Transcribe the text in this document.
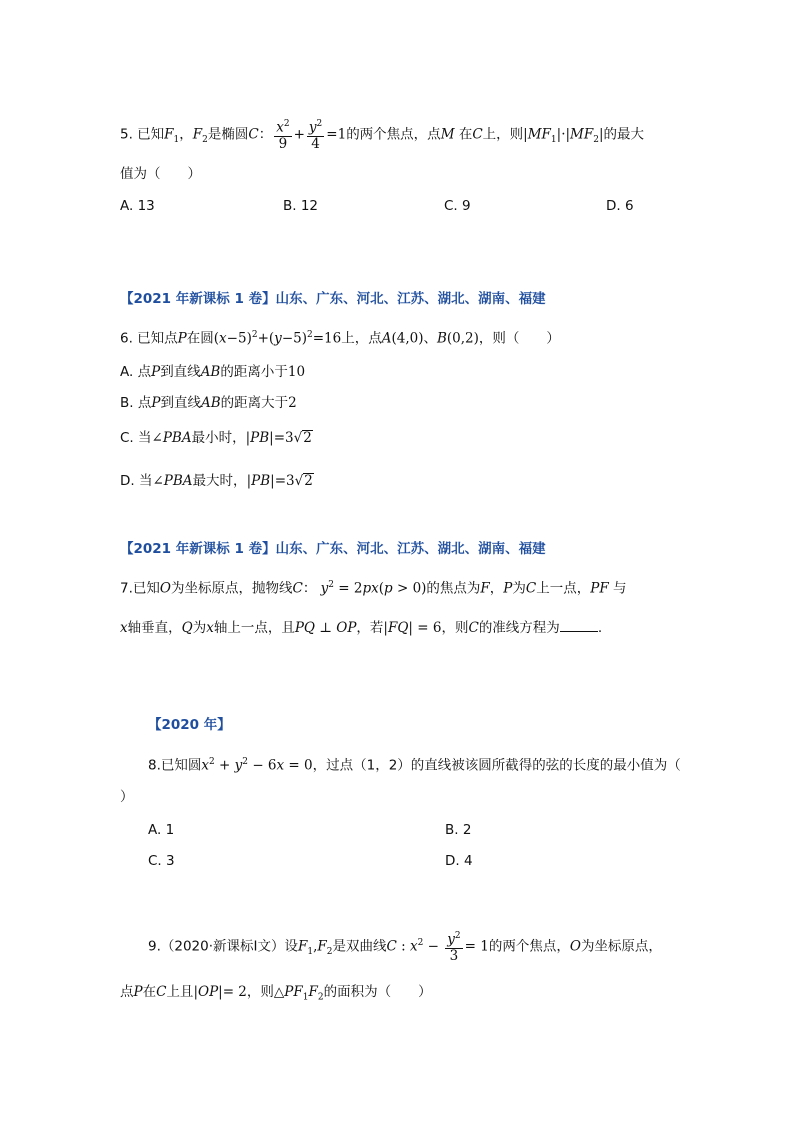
5. 已知$F_1$，$F_2$是椭圆C： $\frac{x^2}{9} + \frac{y^2}{4} =1$的两个焦点，点M 在C上，则$|MF_1|\cdot|MF_2|$的最大
值为（　　）
A. 13	B. 12	C. 9	D. 6
【2021 年新课标 1 卷】山东、广东、河北、江苏、湖北、湖南、福建
6. 已知点P在圆$(x-5)^2+(y-5)^2=16$上，点A(4,0)、B(0,2)，则（　　）
A. 点P到直线AB的距离小于10
B. 点P到直线AB的距离大于2
C. 当∠PBA最小时，|PB|=3√2
D. 当∠PBA最大时，|PB|=3√2
【2021 年新课标 1 卷】山东、广东、河北、江苏、湖北、湖南、福建
7.已知O为坐标原点，抛物线C： $y^2 = 2px(p > 0)$的焦点为F，P为C上一点，PF 与
x轴垂直，Q为x轴上一点，且PQ ⊥ OP，若|FQ| = 6，则C的准线方程为	.
【2020 年】
8.已知圆$x^2 + y^2 - 6x = 0$，过点（1，2）的直线被该圆所截得的弦的长度的最小值为（
）
A. 1	B. 2
C. 3	D. 4
9.（2020·新课标Ⅰ文）设$F_1,F_2$是双曲线C : $x^2 - \frac{y^2}{3} = 1$的两个焦点，O为坐标原点，
点P在C上且|OP|= 2，则$\triangle PF_1F_2$的面积为（　　）
